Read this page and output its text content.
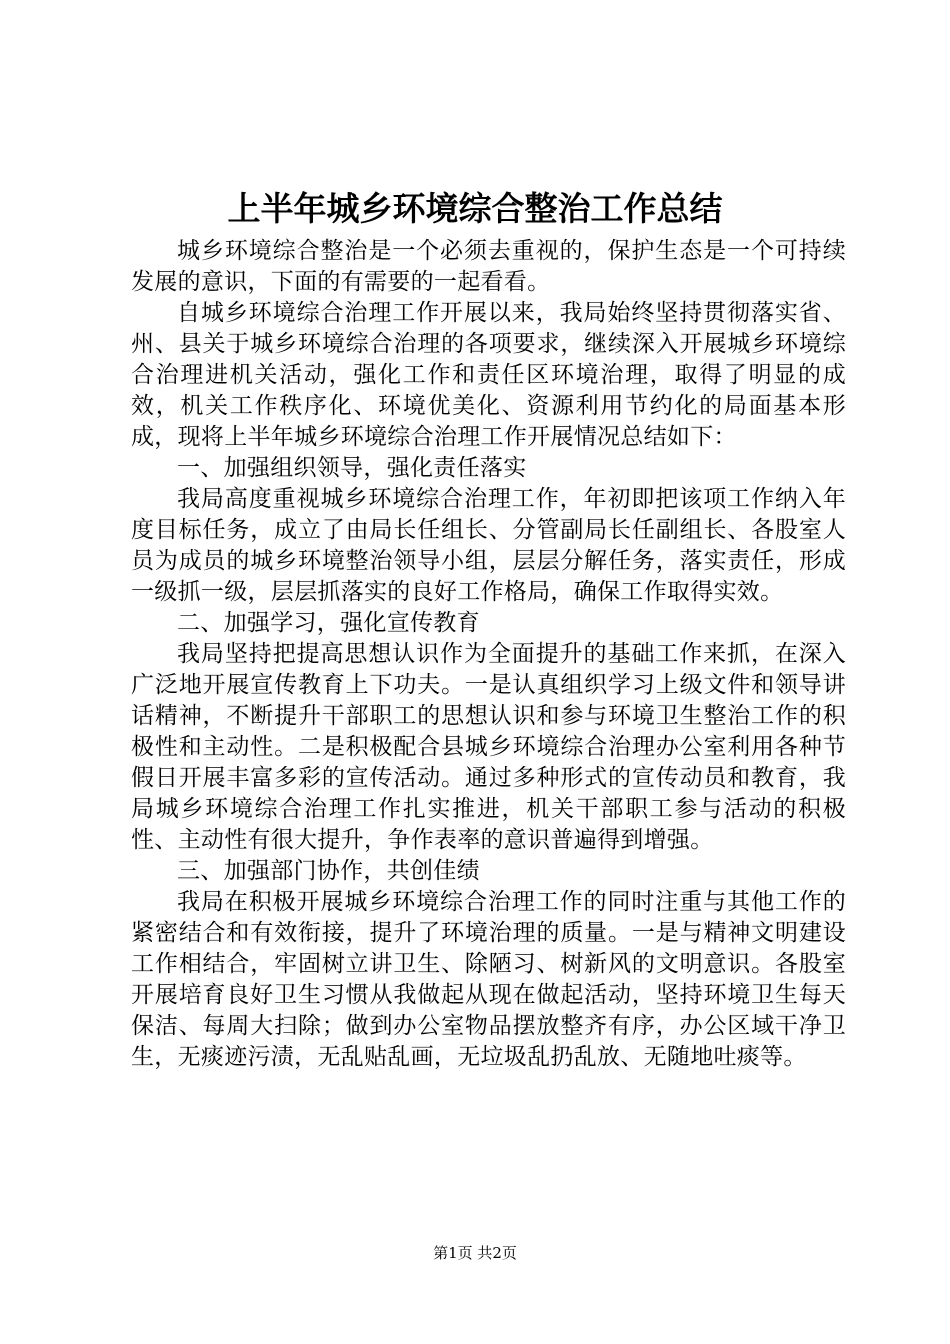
上半年城乡环境综合整治工作总结

城乡环境综合整治是一个必须去重视的，保护生态是一个可持续发展的意识，下面的有需要的一起看看。

自城乡环境综合治理工作开展以来，我局始终坚持贯彻落实省、州、县关于城乡环境综合治理的各项要求，继续深入开展城乡环境综合治理进机关活动，强化工作和责任区环境治理，取得了明显的成效，机关工作秩序化、环境优美化、资源利用节约化的局面基本形成，现将上半年城乡环境综合治理工作开展情况总结如下：

一、加强组织领导，强化责任落实

我局高度重视城乡环境综合治理工作，年初即把该项工作纳入年度目标任务，成立了由局长任组长、分管副局长任副组长、各股室人员为成员的城乡环境整治领导小组，层层分解任务，落实责任，形成一级抓一级，层层抓落实的良好工作格局，确保工作取得实效。

二、加强学习，强化宣传教育

我局坚持把提高思想认识作为全面提升的基础工作来抓，在深入广泛地开展宣传教育上下功夫。一是认真组织学习上级文件和领导讲话精神，不断提升干部职工的思想认识和参与环境卫生整治工作的积极性和主动性。二是积极配合县城乡环境综合治理办公室利用各种节假日开展丰富多彩的宣传活动。通过多种形式的宣传动员和教育，我局城乡环境综合治理工作扎实推进，机关干部职工参与活动的积极性、主动性有很大提升，争作表率的意识普遍得到增强。

三、加强部门协作，共创佳绩

我局在积极开展城乡环境综合治理工作的同时注重与其他工作的紧密结合和有效衔接，提升了环境治理的质量。一是与精神文明建设工作相结合，牢固树立讲卫生、除陋习、树新风的文明意识。各股室开展培育良好卫生习惯从我做起从现在做起活动，坚持环境卫生每天保洁、每周大扫除；做到办公室物品摆放整齐有序，办公区域干净卫生，无痰迹污渍，无乱贴乱画，无垃圾乱扔乱放、无随地吐痰等。

第1页 共2页
